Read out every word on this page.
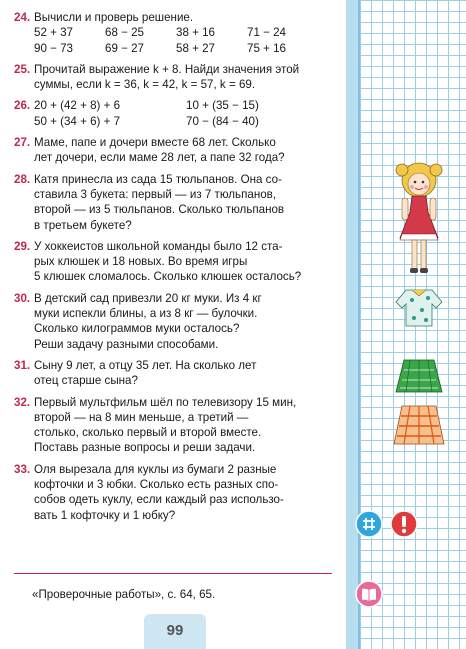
24. Вычисли и проверь решение.
52 + 37	68 − 25	38 + 16	71 − 24
90 − 73	69 − 27	58 + 27	75 + 16
25. Прочитай выражение k + 8. Найди значения этой
суммы, если k = 36, k = 42, k = 57, k = 69.
26. 20 + (42 + 8) + 6	10 + (35 − 15)
50 + (34 + 6) + 7	70 − (84 − 40)
27. Маме, папе и дочери вместе 68 лет. Сколько
лет дочери, если маме 28 лет, а папе 32 года?
28. Катя принесла из сада 15 тюльпанов. Она со-
ставила 3 букета: первый — из 7 тюльпанов,
второй — из 5 тюльпанов. Сколько тюльпанов
в третьем букете?
29. У хоккеистов школьной команды было 12 ста-
рых клюшек и 18 новых. Во время игры
5 клюшек сломалось. Сколько клюшек осталось?
30. В детский сад привезли 20 кг муки. Из 4 кг
муки испекли блины, а из 8 кг — булочки.
Сколько килограммов муки осталось?
Реши задачу разными способами.
31. Сыну 9 лет, а отцу 35 лет. На сколько лет
отец старше сына?
32. Первый мультфильм шёл по телевизору 15 мин,
второй — на 8 мин меньше, а третий —
столько, сколько первый и второй вместе.
Поставь разные вопросы и реши задачи.
33. Оля вырезала для куклы из бумаги 2 разные
кофточки и 3 юбки. Сколько есть разных спо-
собов одеть куклу, если каждый раз использо-
вать 1 кофточку и 1 юбку?
«Проверочные работы», с. 64, 65.
99
